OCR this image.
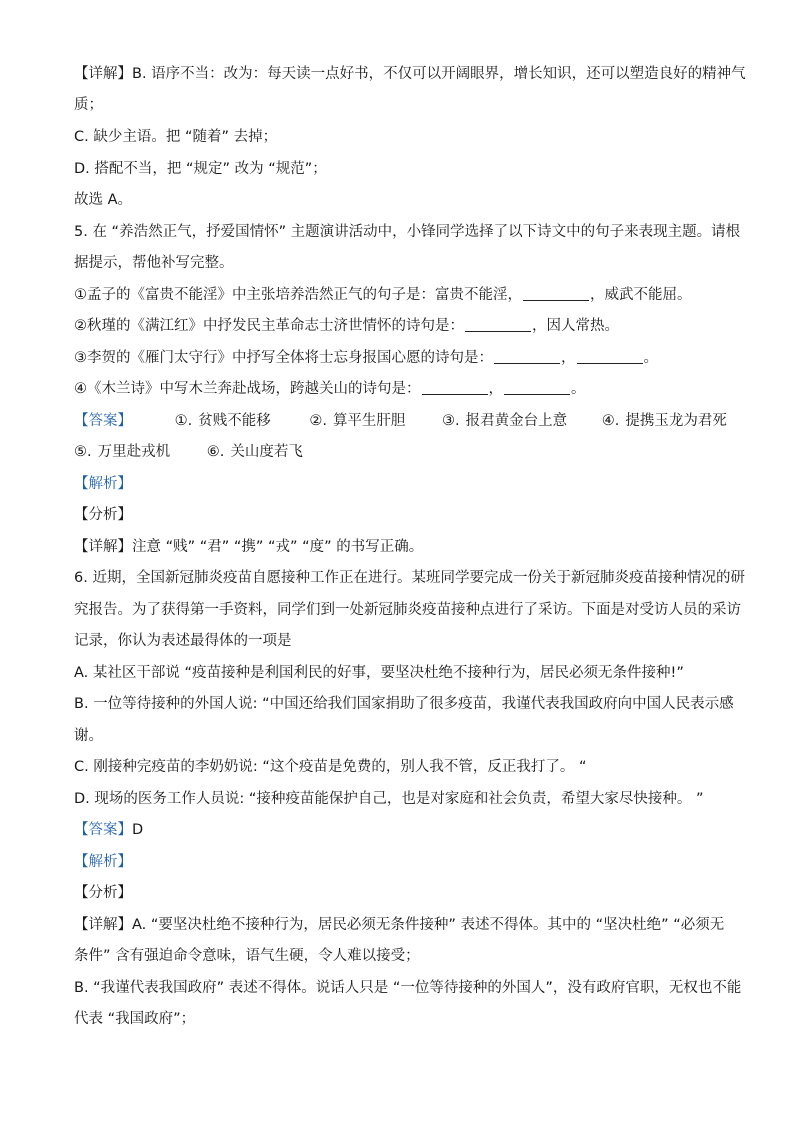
【详解】B. 语序不当：改为：每天读一点好书，不仅可以开阔眼界，增长知识，还可以塑造良好的精神气
质；
C. 缺少主语。把 “随着” 去掉；
D. 搭配不当，把 “规定” 改为 “规范”；
故选 A。
5. 在 “养浩然正气，抒爱国情怀” 主题演讲活动中，小锋同学选择了以下诗文中的句子来表现主题。请根
据提示，帮他补写完整。
①孟子的《富贵不能淫》中主张培养浩然正气的句子是：富贵不能淫，	，威武不能屈。
②秋瑾的《满江红》中抒发民主革命志士济世情怀的诗句是：	，因人常热。
③李贺的《雁门太守行》中抒写全体将士忘身报国心愿的诗句是：	，	。
④《木兰诗》中写木兰奔赴战场，跨越关山的诗句是：	，	。
【答案】	①. 贫贱不能移	②. 算平生肝胆	③. 报君黄金台上意 ④. 提携玉龙为君死
⑤. 万里赴戎机	⑥. 关山度若飞
【解析】
【分析】
【详解】注意 “贱” “君” “携” “戎” “度” 的书写正确。
6. 近期，全国新冠肺炎疫苗自愿接种工作正在进行。某班同学要完成一份关于新冠肺炎疫苗接种情况的研
究报告。为了获得第一手资料，同学们到一处新冠肺炎疫苗接种点进行了采访。下面是对受访人员的采访
记录，你认为表述最得体的一项是
A. 某社区干部说 “疫苗接种是利国利民的好事，要坚决杜绝不接种行为，居民必须无条件接种!”
B. 一位等待接种的外国人说: “中国还给我们国家捐助了很多疫苗，我谨代表我国政府向中国人民表示感
谢。
C. 刚接种完疫苗的李奶奶说: “这个疫苗是免费的，别人我不管，反正我打了。 “
D. 现场的医务工作人员说: “接种疫苗能保护自己，也是对家庭和社会负责，希望大家尽快接种。 ”
【答案】D
【解析】
【分析】
【详解】A. “要坚决杜绝不接种行为，居民必须无条件接种” 表述不得体。其中的 “坚决杜绝” “必须无
条件” 含有强迫命令意味，语气生硬，令人难以接受；
B. “我谨代表我国政府” 表述不得体。说话人只是 “一位等待接种的外国人”，没有政府官职，无权也不能
代表 “我国政府”；
